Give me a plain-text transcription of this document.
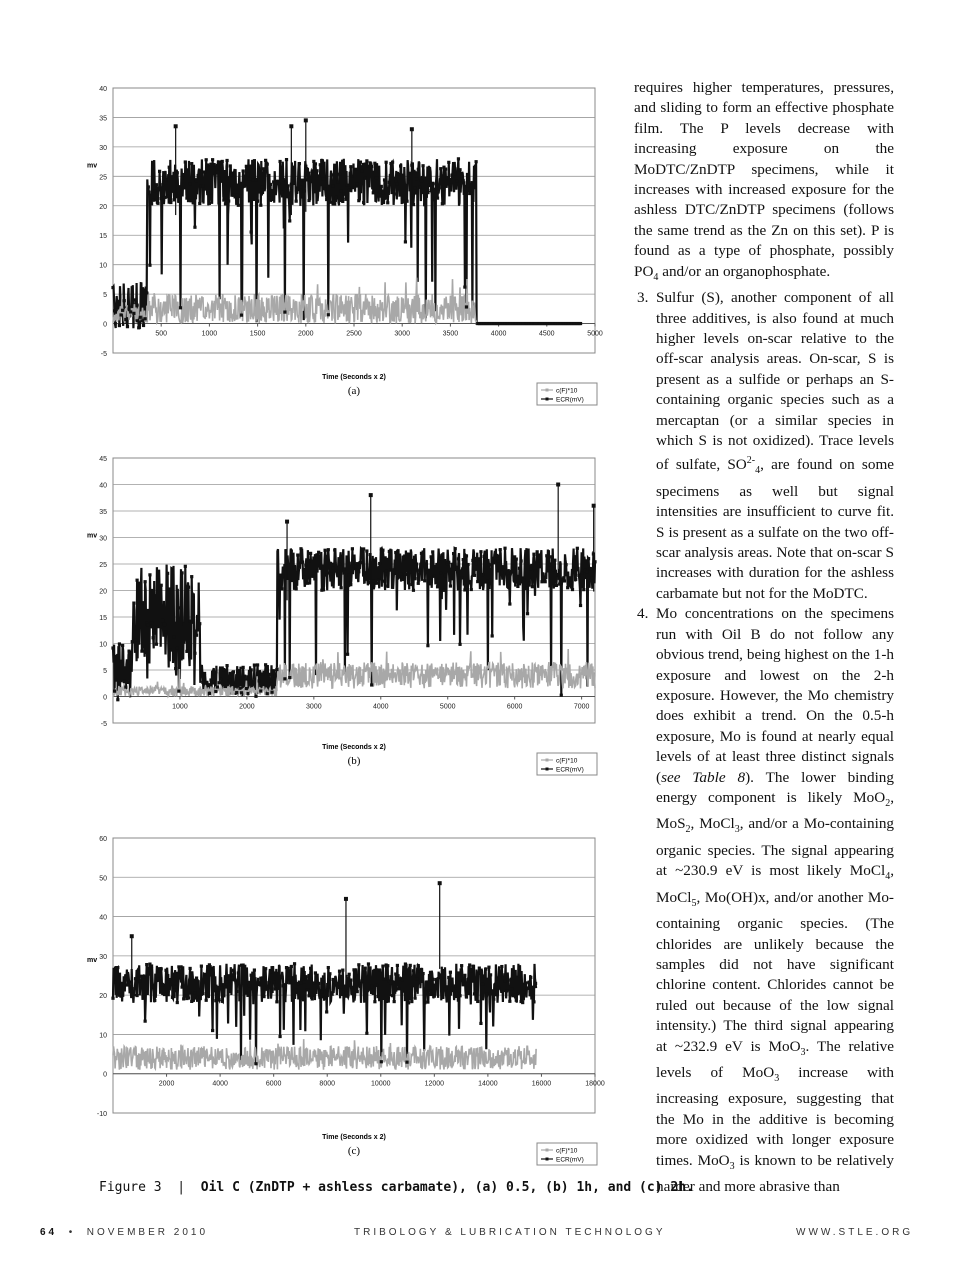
-5
0
5
10
15
20
25
30
35
40
500	1000	1500	2000	2500	3000	3500	4000	4500	5000
mv
Time (Seconds x 2)
(a)	c(F)*10
ECR(mV)
-5
0
5
10
15
20
25
30
35
40
45
1000	2000	3000	4000	5000	6000	7000
mv
Time (Seconds x 2)
(b)	c(F)*10
ECR(mV)
-10
0
10
20
30
40
50
60
2000	4000	6000	8000	10000	12000	14000	16000	18000
mv
Time (Seconds x 2)
(c)	c(F)*10
ECR(mV)

requires higher temperatures, pressures, and sliding to form an effective phosphate film. The P levels decrease with increasing exposure on the MoDTC/ZnDTP specimens, while it increases with increased exposure for the ashless DTC/ZnDTP specimens (follows the same trend as the Zn on this set). P is found as a type of phosphate, possibly $PO_4$ and/or an organophosphate.

3. Sulfur (S), another component of all three additives, is also found at much higher levels on-scar relative to the off-scar analysis areas. On-scar, S is present as a sulfide or perhaps an S-containing organic species such as a mercaptan (or a similar species in which S is not oxidized). Trace levels of sulfate, $SO^{2-}_4$, are found on some specimens as well but signal intensities are insufficient to curve fit. S is present as a sulfate on the two off-scar analysis areas. Note that on-scar S increases with duration for the ashless carbamate but not for the MoDTC.
4. Mo concentrations on the specimens run with Oil B do not follow any obvious trend, being highest on the 1-h exposure and lowest on the 2-h exposure. However, the Mo chemistry does exhibit a trend. On the 0.5-h exposure, Mo is found at nearly equal levels of at least three distinct signals (see Table 8). The lower binding energy component is likely MoO$_2$, MoS$_2$, MoCl$_3$, and/or a Mo-containing organic species. The signal appearing at ~230.9 eV is most likely MoCl$_4$, MoCl$_5$, Mo(OH)x, and/or another Mo-containing organic species. (The chlorides are unlikely because the samples did not have significant chlorine content. Chlorides cannot be ruled out because of the low signal intensity.) The third signal appearing at ~232.9 eV is MoO$_3$. The relative levels of MoO$_3$ increase with increasing exposure, suggesting that the Mo in the additive is becoming more oxidized with longer exposure times. MoO$_3$ is known to be relatively harder and more abrasive than
Figure 3 | Oil C (ZnDTP + ashless carbamate), (a) 0.5, (b) 1h, and (c) 2h.
64 • NOVEMBER 2010	TRIBOLOGY & LUBRICATION TECHNOLOGY	WWW.STLE.ORG
